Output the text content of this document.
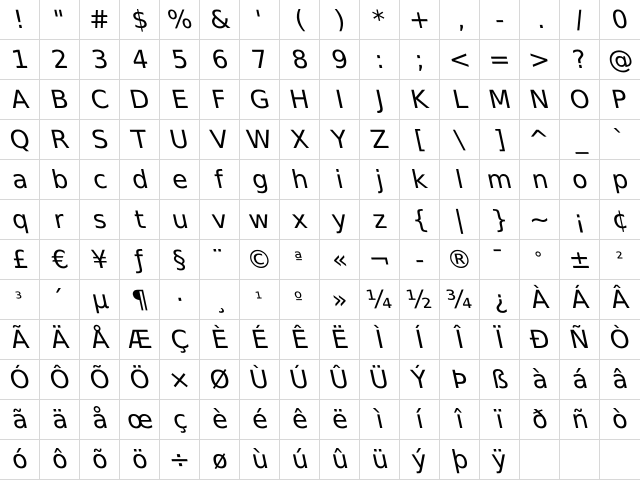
! " # $ % & ' ( ) * + , - . / 0
1 2 3 4 5 6 7 8 9 : ; < = > ? @
A B C D E F G H I J K L M N O P
Q R S T U V W X Y Z [ \ ] ^ _ `
a b c d e f g h i j k l m n o p
q r s t u v w x y z { | } ~ ¡ ¢
£ € ¥ ƒ § ¨ © ª « ¬ - ® ¯ ° ± ²
³ ´ µ ¶ · ¸ ¹ º » ¼ ½ ¾ ¿ À Á Â
Ã Ä Å Æ Ç È É Ê Ë Ì Í Î Ï Ð Ñ Ò
Ó Ô Õ Ö × Ø Ù Ú Û Ü Ý Þ ß à á â
ã ä å œ ç è é ê ë ì í î ï ð ñ ò
ó ô õ ö ÷ ø ù ú û ü ý þ ÿ
